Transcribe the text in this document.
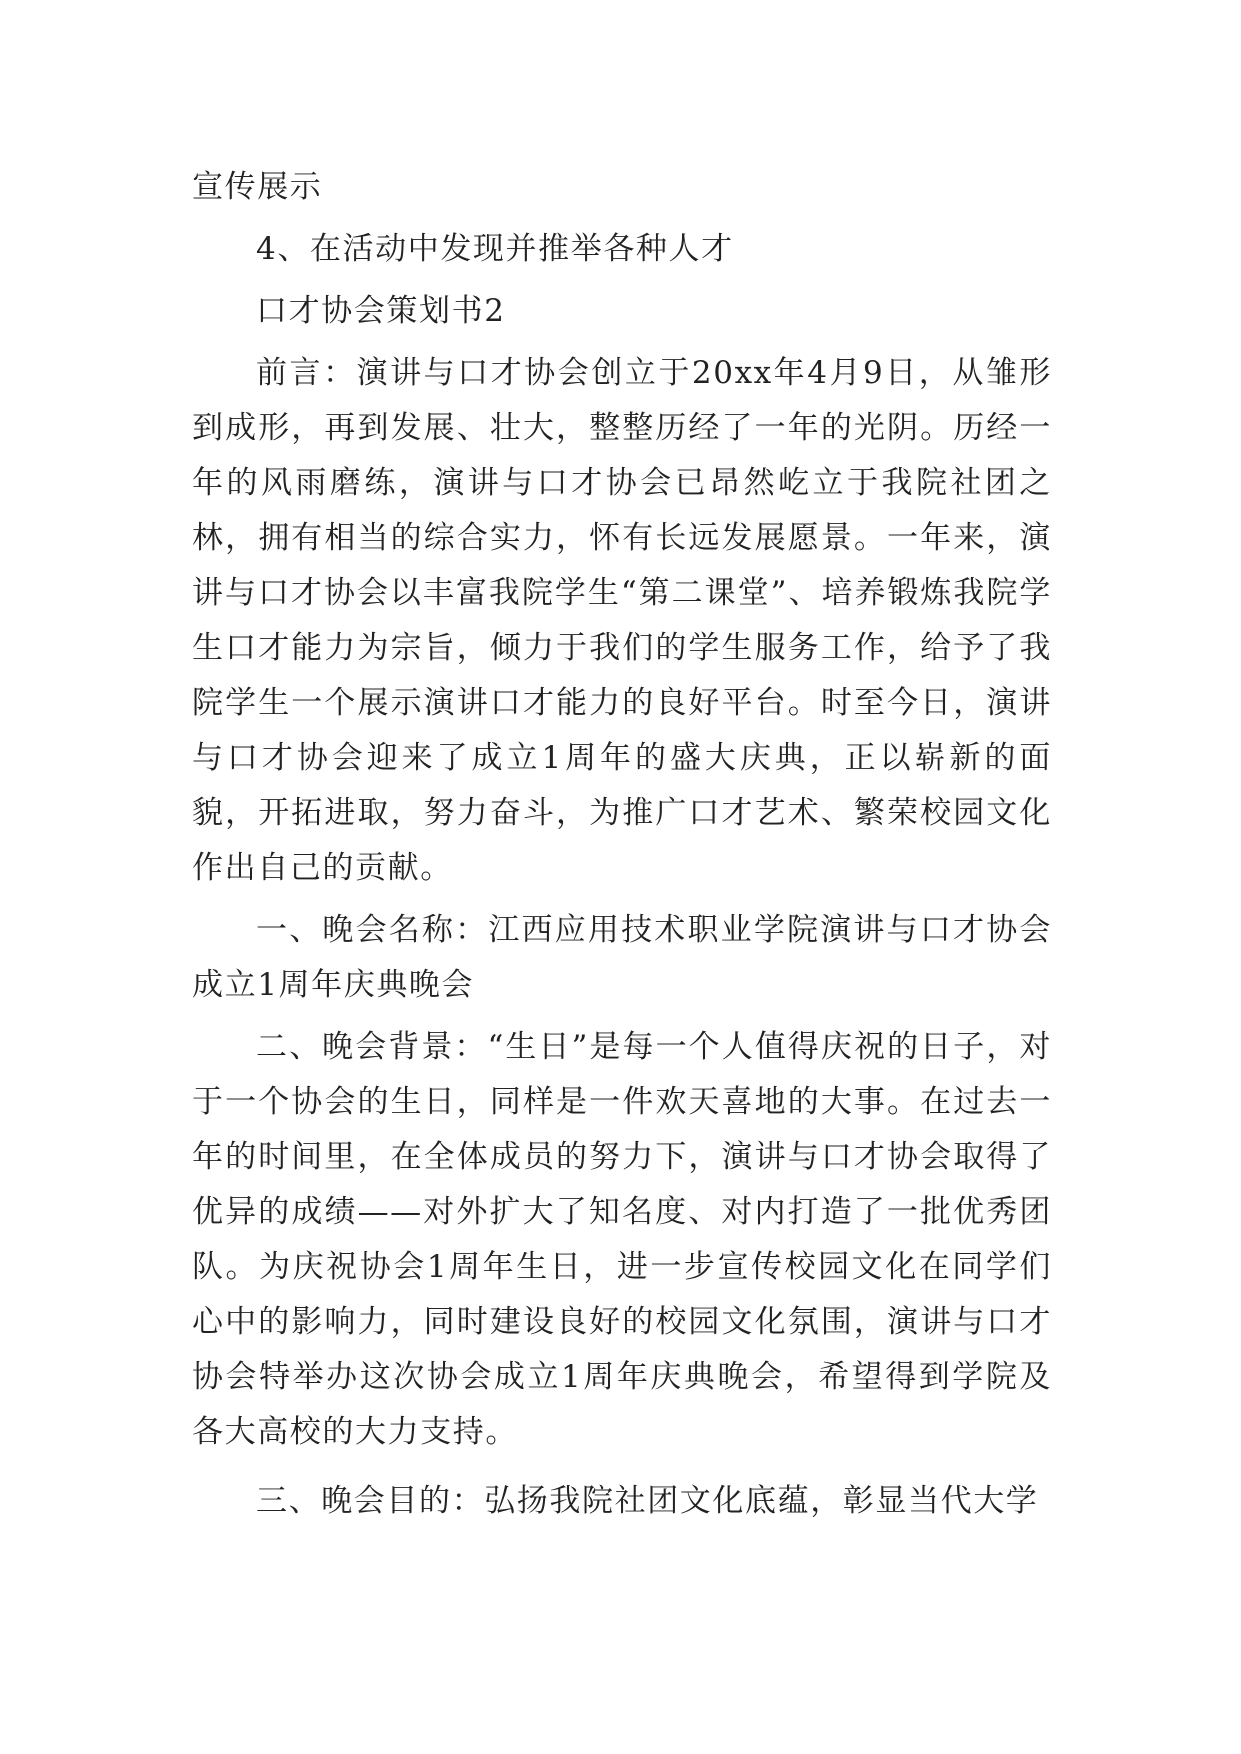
宣传展示

4、在活动中发现并推举各种人才

口才协会策划书2

前言：演讲与口才协会创立于20xx年4月9日，从雏形到成形，再到发展、壮大，整整历经了一年的光阴。历经一年的风雨磨练，演讲与口才协会已昂然屹立于我院社团之林，拥有相当的综合实力，怀有长远发展愿景。一年来，演讲与口才协会以丰富我院学生“第二课堂”、培养锻炼我院学生口才能力为宗旨，倾力于我们的学生服务工作，给予了我院学生一个展示演讲口才能力的良好平台。时至今日，演讲与口才协会迎来了成立1周年的盛大庆典，正以崭新的面貌，开拓进取，努力奋斗，为推广口才艺术、繁荣校园文化作出自己的贡献。

一、晚会名称：江西应用技术职业学院演讲与口才协会成立1周年庆典晚会

二、晚会背景：“生日”是每一个人值得庆祝的日子，对于一个协会的生日，同样是一件欢天喜地的大事。在过去一年的时间里，在全体成员的努力下，演讲与口才协会取得了优异的成绩——对外扩大了知名度、对内打造了一批优秀团队。为庆祝协会1周年生日，进一步宣传校园文化在同学们心中的影响力，同时建设良好的校园文化氛围，演讲与口才协会特举办这次协会成立1周年庆典晚会，希望得到学院及各大高校的大力支持。

三、晚会目的：弘扬我院社团文化底蕴，彰显当代大学
